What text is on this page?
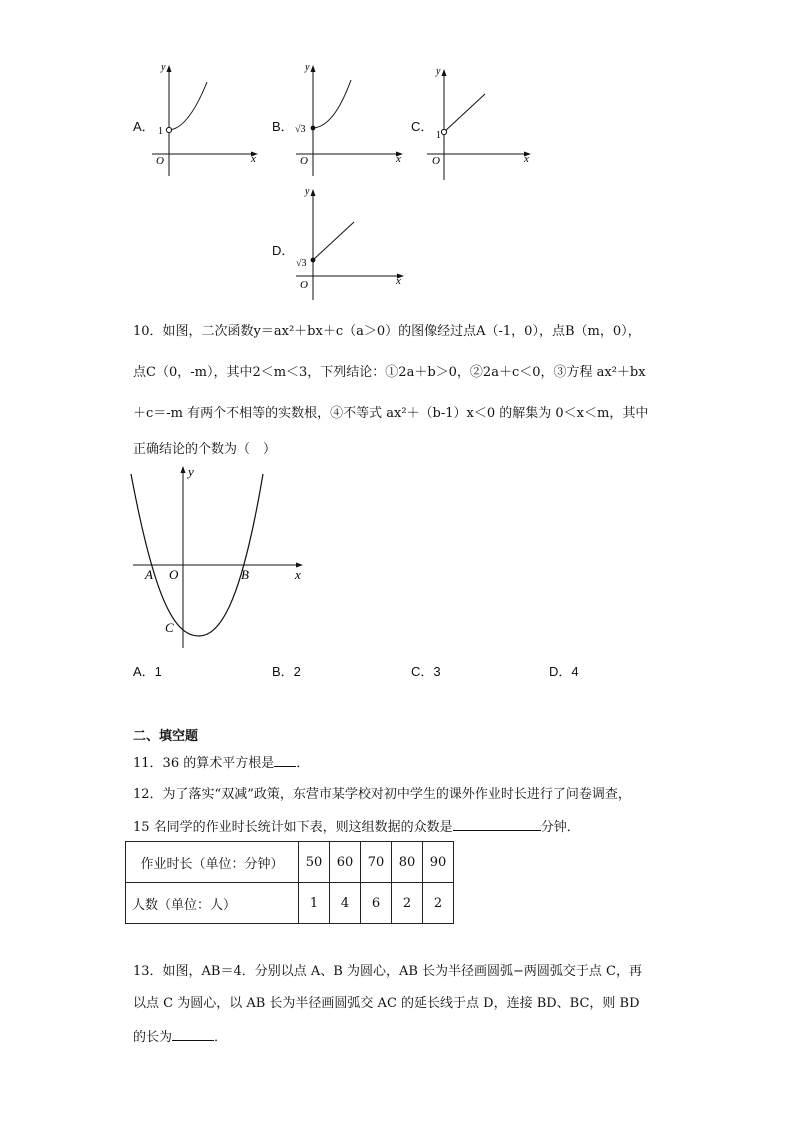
A．
y
x
O
1	B．
y
x
O
√3	C．
y
x
O
1
D．
y
x
O
√3
10．如图，二次函数y＝ax²＋bx＋c（a＞0）的图像经过点A（-1，0），点B（m，0），
点C（0，-m），其中2＜m＜3，下列结论：①2a＋b＞0，②2a＋c＜0，③方程 ax²＋bx
＋c＝-m 有两个不相等的实数根，④不等式 ax²＋（b-1）x＜0 的解集为 0＜x＜m，其中
正确结论的个数为（　）
y
x
A O	B
C
A．1	B．2	C．3	D．4
二、填空题
11．36 的算术平方根是 ．
12．为了落实“双减”政策，东营市某学校对初中学生的课外作业时长进行了问卷调查，
15 名同学的作业时长统计如下表，则这组数据的众数是	分钟．
作业时长（单位：分钟）	50	60	70	80	90
人数（单位：人）	1	4	6	2	2
13．如图，AB＝4．分别以点 A、B 为圆心，AB 长为半径画圆弧−两圆弧交于点 C，再
以点 C 为圆心，以 AB 长为半径画圆弧交 AC 的延长线于点 D，连接 BD、BC，则 BD
的长为	．
